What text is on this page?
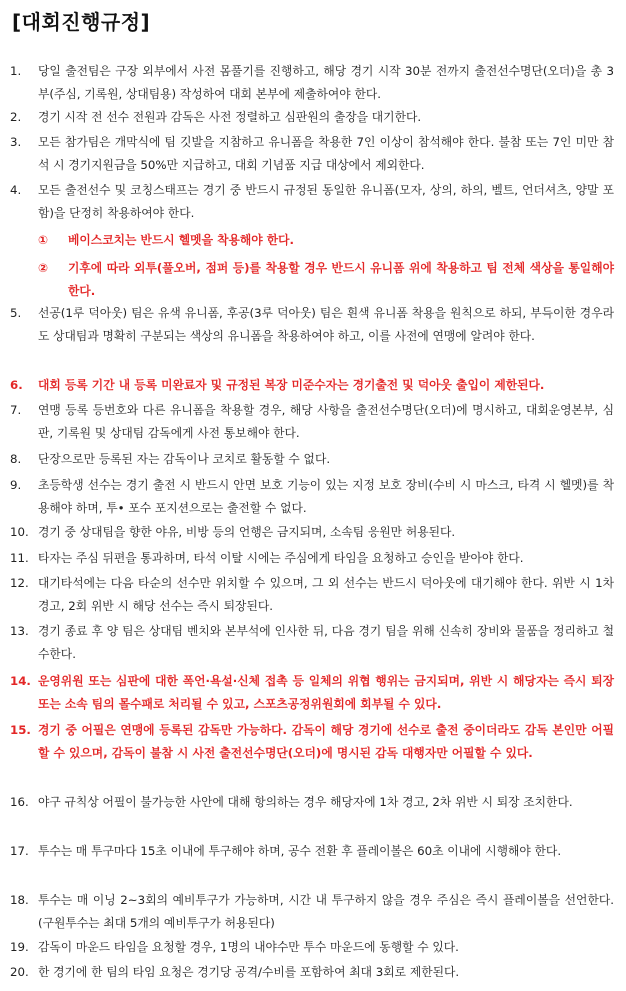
[대회진행규정]
1.	당일 출전팀은 구장 외부에서 사전 몸풀기를 진행하고, 해당 경기 시작 30분 전까지 출전선수명단(오더)을 총 3부(주심, 기록원, 상대팀용) 작성하여 대회 본부에 제출하여야 한다.
2.	경기 시작 전 선수 전원과 감독은 사전 정렬하고 심판원의 출장을 대기한다.
3.	모든 참가팀은 개막식에 팀 깃발을 지참하고 유니폼을 착용한 7인 이상이 참석해야 한다. 불참 또는 7인 미만 참석 시 경기지원금을 50%만 지급하고, 대회 기념품 지급 대상에서 제외한다.
4.	모든 출전선수 및 코칭스태프는 경기 중 반드시 규정된 동일한 유니폼(모자, 상의, 하의, 벨트, 언더셔츠, 양말 포함)을 단정히 착용하여야 한다.
①	베이스코치는 반드시 헬멧을 착용해야 한다.
②	기후에 따라 외투(풀오버, 점퍼 등)를 착용할 경우 반드시 유니폼 위에 착용하고 팀 전체 색상을 통일해야 한다.
5.	선공(1루 덕아웃) 팀은 유색 유니폼, 후공(3루 덕아웃) 팀은 흰색 유니폼 착용을 원칙으로 하되, 부득이한 경우라도 상대팀과 명확히 구분되는 색상의 유니폼을 착용하여야 하고, 이를 사전에 연맹에 알려야 한다.
6.	대회 등록 기간 내 등록 미완료자 및 규정된 복장 미준수자는 경기출전 및 덕아웃 출입이 제한된다.
7.	연맹 등록 등번호와 다른 유니폼을 착용할 경우, 해당 사항을 출전선수명단(오더)에 명시하고, 대회운영본부, 심판, 기록원 및 상대팀 감독에게 사전 통보해야 한다.
8.	단장으로만 등록된 자는 감독이나 코치로 활동할 수 없다.
9.	초등학생 선수는 경기 출전 시 반드시 안면 보호 기능이 있는 지정 보호 장비(수비 시 마스크, 타격 시 헬멧)를 착용해야 하며, 투• 포수 포지션으로는 출전할 수 없다.
10. 경기 중 상대팀을 향한 야유, 비방 등의 언행은 금지되며, 소속팀 응원만 허용된다.
11. 타자는 주심 뒤편을 통과하며, 타석 이탈 시에는 주심에게 타임을 요청하고 승인을 받아야 한다.
12. 대기타석에는 다음 타순의 선수만 위치할 수 있으며, 그 외 선수는 반드시 덕아웃에 대기해야 한다. 위반 시 1차 경고, 2회 위반 시 해당 선수는 즉시 퇴장된다.
13. 경기 종료 후 양 팀은 상대팀 벤치와 본부석에 인사한 뒤, 다음 경기 팀을 위해 신속히 장비와 물품을 정리하고 철수한다.
14. 운영위원 또는 심판에 대한 폭언·욕설·신체 접촉 등 일체의 위협 행위는 금지되며, 위반 시 해당자는 즉시 퇴장 또는 소속 팀의 몰수패로 처리될 수 있고, 스포츠공정위원회에 회부될 수 있다.
15. 경기 중 어필은 연맹에 등록된 감독만 가능하다. 감독이 해당 경기에 선수로 출전 중이더라도 감독 본인만 어필할 수 있으며, 감독이 불참 시 사전 출전선수명단(오더)에 명시된 감독 대행자만 어필할 수 있다.
16. 야구 규칙상 어필이 불가능한 사안에 대해 항의하는 경우 해당자에 1차 경고, 2차 위반 시 퇴장 조치한다.
17. 투수는 매 투구마다 15초 이내에 투구해야 하며, 공수 전환 후 플레이볼은 60초 이내에 시행해야 한다.
18. 투수는 매 이닝 2~3회의 예비투구가 가능하며, 시간 내 투구하지 않을 경우 주심은 즉시 플레이볼을 선언한다. (구원투수는 최대 5개의 예비투구가 허용된다)
19. 감독이 마운드 타임을 요청할 경우, 1명의 내야수만 투수 마운드에 동행할 수 있다.
20. 한 경기에 한 팀의 타임 요청은 경기당 공격/수비를 포함하여 최대 3회로 제한된다.
